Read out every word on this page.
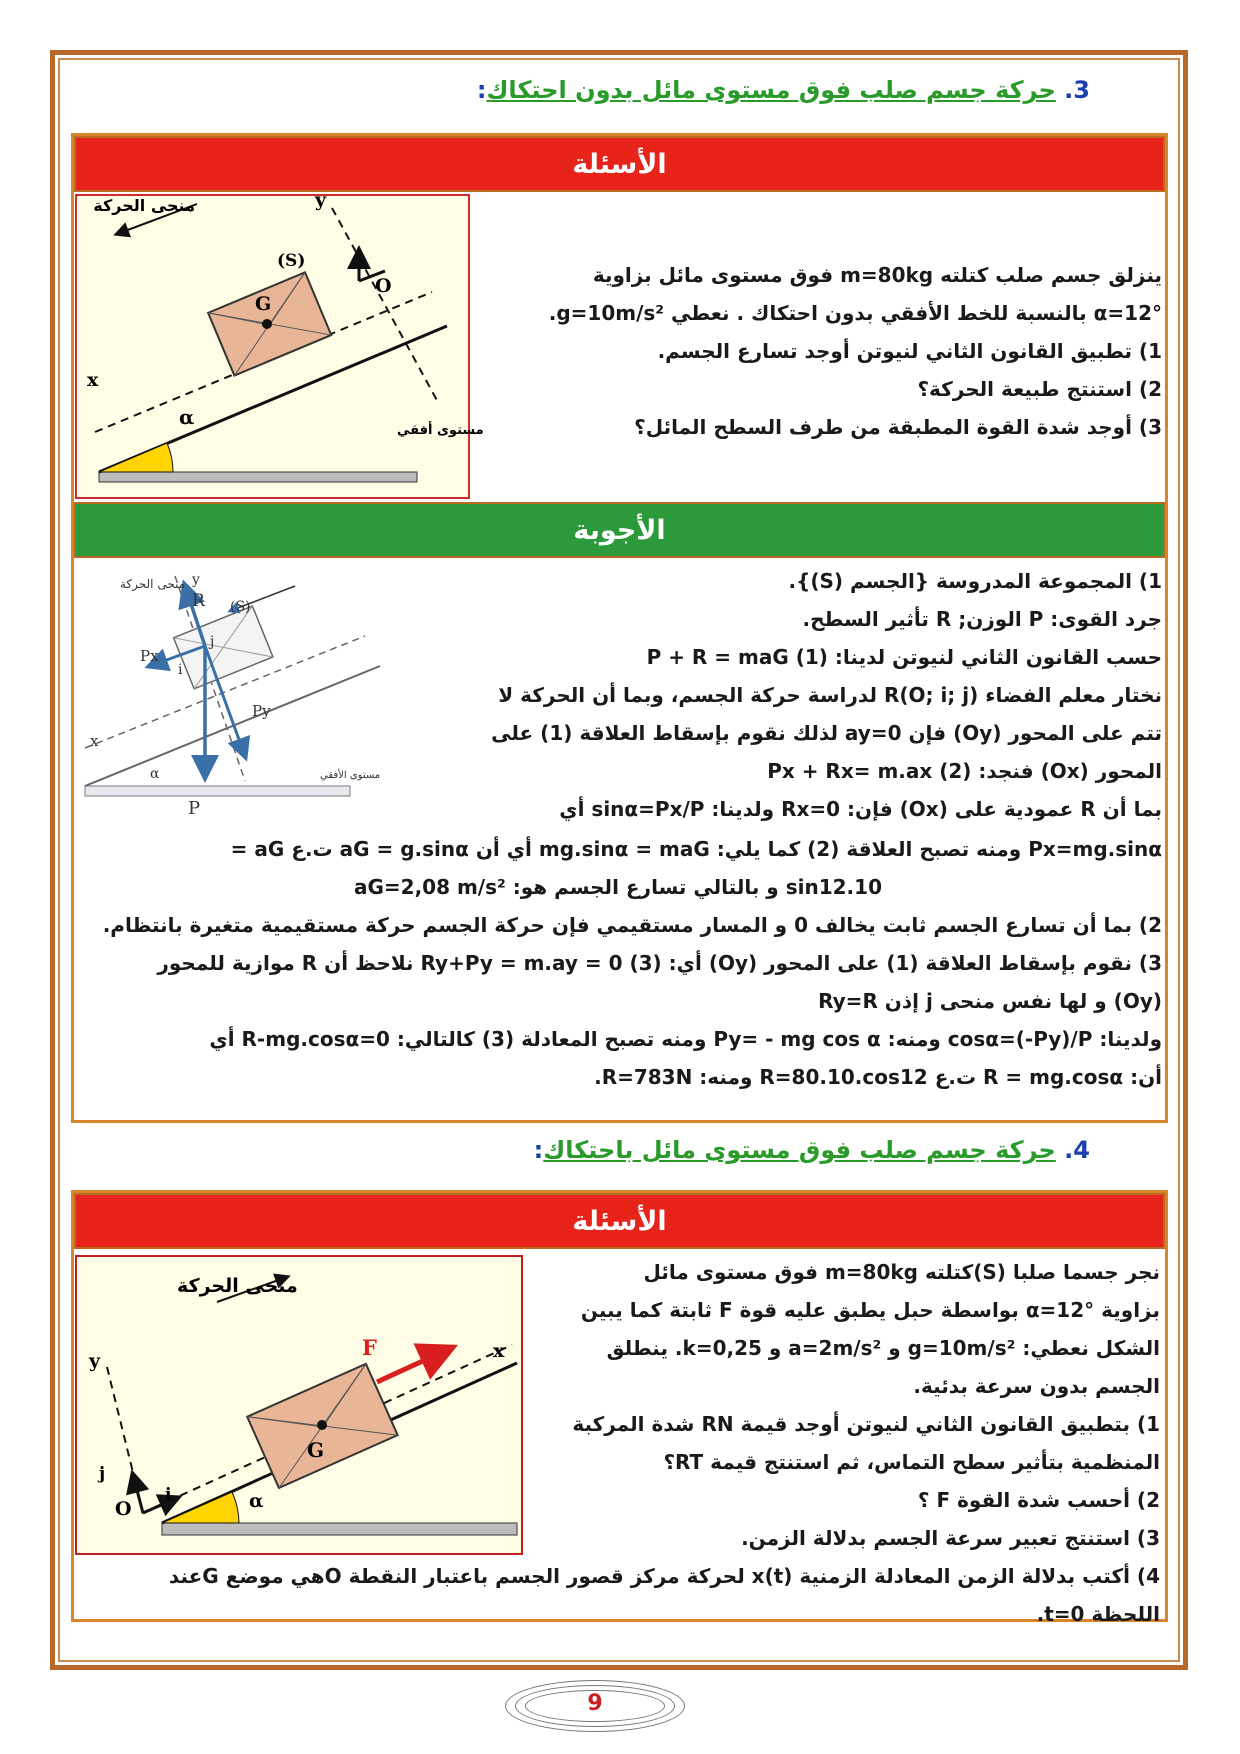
3. حركة جسم صلب فوق مستوى مائل بدون احتكاك:
الأسئلة
منحى الحركة
مستوى أفقي
(S)
G
O
x
y
α

ينزلق جسم صلب كتلته m=80kg فوق مستوى مائل بزاوية

α=12° بالنسبة للخط الأفقي بدون احتكاك . نعطي g=10m/s².

1) تطبيق القانون الثاني لنيوتن أوجد تسارع الجسم.

2) استنتج طبيعة الحركة؟

3) أوجد شدة القوة المطبقة من طرف السطح المائل؟

الأجوبة
منحى الحركة
مستوى الأفقي
(S)
R
P
Px
Py
i
j
x
y
α

1) المجموعة المدروسة {الجسم (S)}.

جرد القوى: P الوزن; R تأثير السطح.

حسب القانون الثاني لنيوتن لدينا: P + R = maG (1)

نختار معلم الفضاء R(O; i; j) لدراسة حركة الجسم، وبما أن الحركة لا

تتم على المحور (Oy) فإن ay=0 لذلك نقوم بإسقاط العلاقة (1) على

المحور (Ox) فنجد: Px + Rx= m.ax (2)

بما أن R عمودية على (Ox) فإن: Rx=0 ولدينا: sinα=Px/P أي

Px=mg.sinα ومنه تصبح العلاقة (2) كما يلي: mg.sinα = maG أي أن aG = g.sinα ت.ع aG =

10.sin12 و بالتالي تسارع الجسم هو: aG=2,08 m/s²

2) بما أن تسارع الجسم ثابت يخالف 0 و المسار مستقيمي فإن حركة الجسم حركة مستقيمية متغيرة بانتظام.

3) نقوم بإسقاط العلاقة (1) على المحور (Oy) أي: Ry+Py = m.ay = 0 (3) نلاحظ أن R موازية للمحور

(Oy) و لها نفس منحى j إذن Ry=R

ولدينا: cosα=(-Py)/P ومنه: Py= - mg cos α ومنه تصبح المعادلة (3) كالتالي: R-mg.cosα=0 أي

أن: R = mg.cosα ت.ع R=80.10.cos12 ومنه: R=783N.

4. حركة جسم صلب فوق مستوى مائل باحتكاك:
الأسئلة
منحى الحركة
F
G
O
x
y
i
j
α

نجر جسما صلبا (S)كتلته m=80kg فوق مستوى مائل

بزاوية α=12° بواسطة حبل يطبق عليه قوة F ثابتة كما يبين

الشكل نعطي: g=10m/s² و a=2m/s² و k=0,25. ينطلق

الجسم بدون سرعة بدئية.

1) بتطبيق القانون الثاني لنيوتن أوجد قيمة RN شدة المركبة

المنظمية بتأثير سطح التماس، ثم استنتج قيمة RT؟

2) أحسب شدة القوة F ؟

3) استنتج تعبير سرعة الجسم بدلالة الزمن.

4) أكتب بدلالة الزمن المعادلة الزمنية x(t) لحركة مركز قصور الجسم باعتبار النقطة Oهي موضع Gعند

اللحظة t=0.

9
